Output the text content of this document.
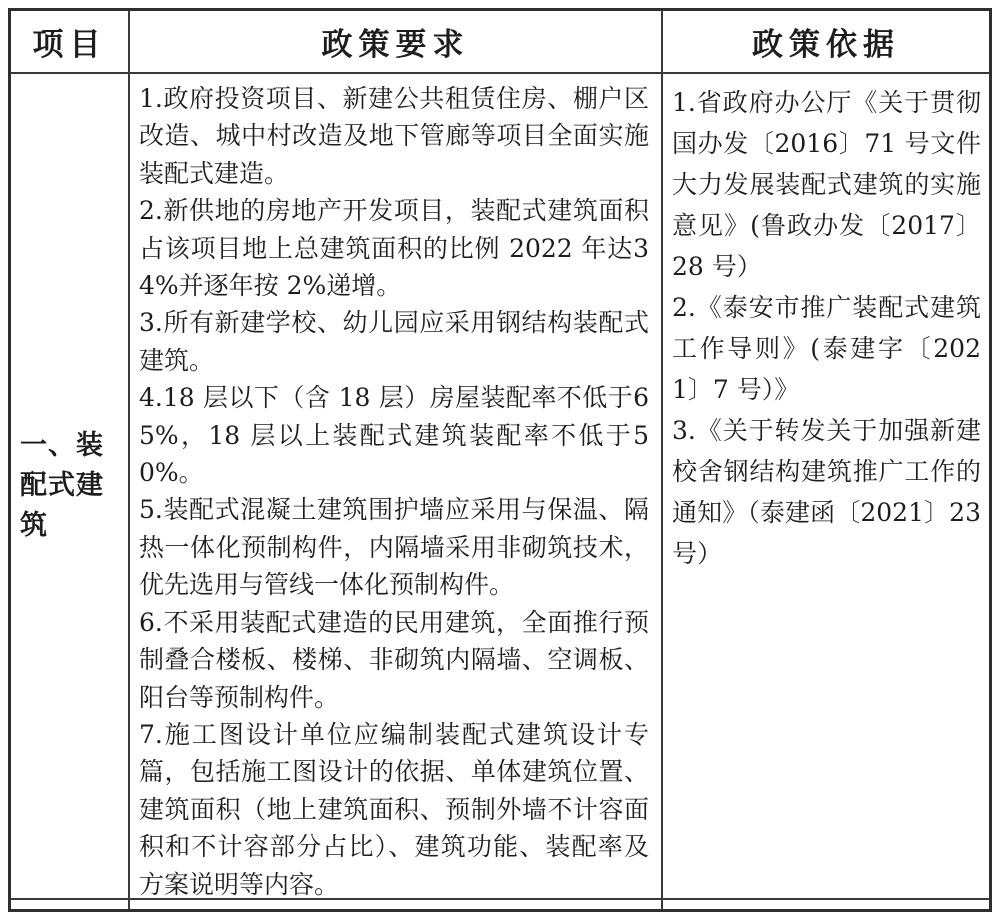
项目	政策要求	政策依据
一、装配式建筑

1.政府投资项目、新建公共租赁住房、棚户区改造、城中村改造及地下管廊等项目全面实施装配式建造。

2.新供地的房地产开发项目，装配式建筑面积占该项目地上总建筑面积的比例 2022 年达34%并逐年按 2%递增。

3.所有新建学校、幼儿园应采用钢结构装配式建筑。

4.18 层以下（含 18 层）房屋装配率不低于65%，18 层以上装配式建筑装配率不低于50%。

5.装配式混凝土建筑围护墙应采用与保温、隔热一体化预制构件，内隔墙采用非砌筑技术，优先选用与管线一体化预制构件。

6.不采用装配式建造的民用建筑，全面推行预制叠合楼板、楼梯、非砌筑内隔墙、空调板、阳台等预制构件。

7.施工图设计单位应编制装配式建筑设计专篇，包括施工图设计的依据、单体建筑位置、建筑面积（地上建筑面积、预制外墙不计容面积和不计容部分占比）、建筑功能、装配率及方案说明等内容。

1.省政府办公厅《关于贯彻国办发〔2016〕71 号文件大力发展装配式建筑的实施意见》(鲁政办发〔2017〕28 号）

2.《泰安市推广装配式建筑工作导则》(泰建字〔2021〕7 号）》

3.《关于转发关于加强新建校舍钢结构建筑推广工作的通知》（泰建函〔2021〕23 号）
